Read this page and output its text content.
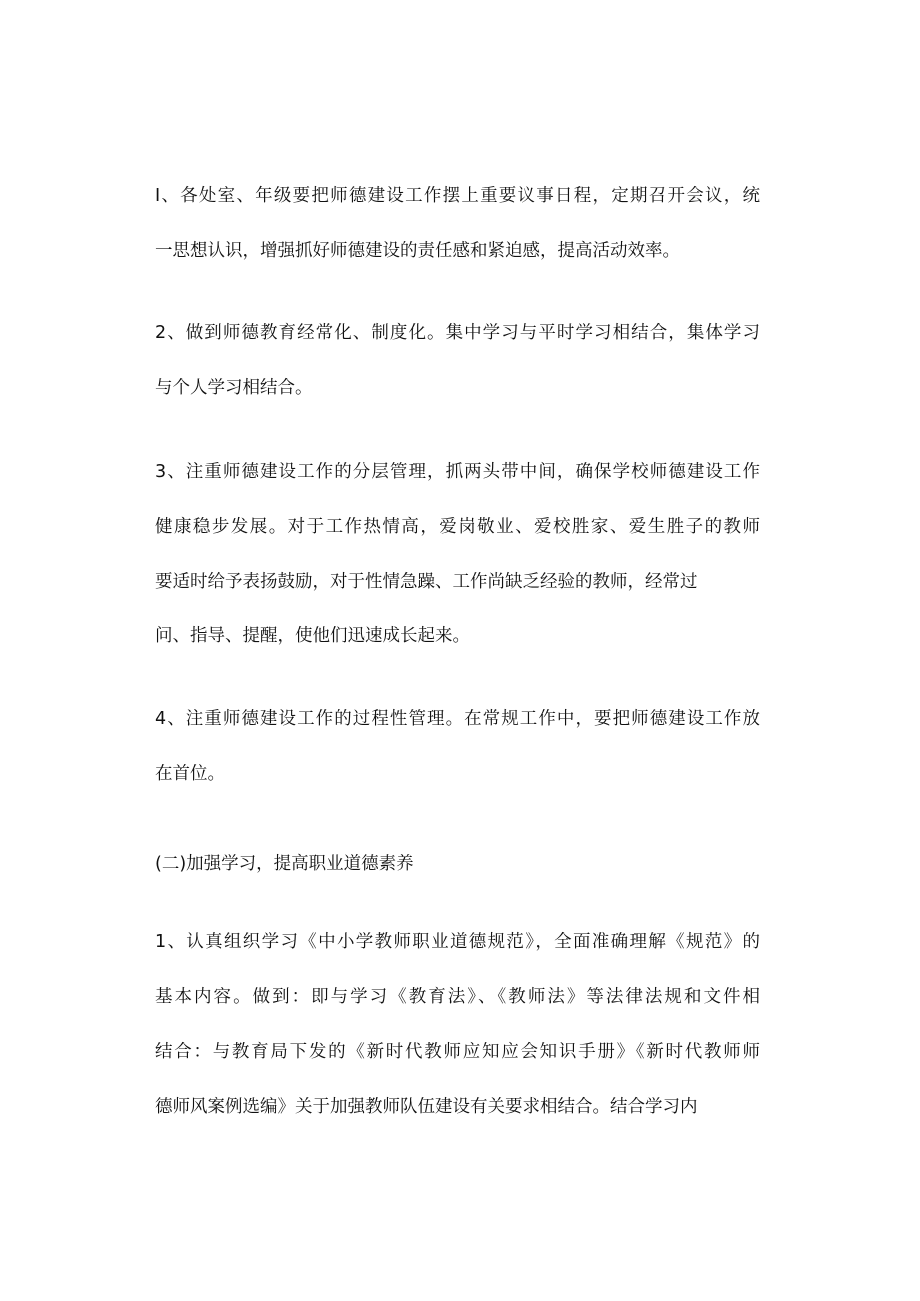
I、各处室、年级要把师德建设工作摆上重要议事日程，定期召开会议，统

一思想认识，增强抓好师德建设的责任感和紧迫感，提高活动效率。

2、做到师德教育经常化、制度化。集中学习与平时学习相结合，集体学习

与个人学习相结合。

3、注重师德建设工作的分层管理，抓两头带中间，确保学校师德建设工作

健康稳步发展。对于工作热情高，爱岗敬业、爱校胜家、爱生胜子的教师

要适时给予表扬鼓励，对于性情急躁、工作尚缺乏经验的教师，经常过

问、指导、提醒，使他们迅速成长起来。

4、注重师德建设工作的过程性管理。在常规工作中，要把师德建设工作放

在首位。

(二)加强学习，提高职业道德素养

1、认真组织学习《中小学教师职业道德规范》，全面准确理解《规范》的

基本内容。做到：即与学习《教育法》、《教师法》等法律法规和文件相

结合：与教育局下发的《新时代教师应知应会知识手册》《新时代教师师

德师风案例选编》关于加强教师队伍建设有关要求相结合。结合学习内
